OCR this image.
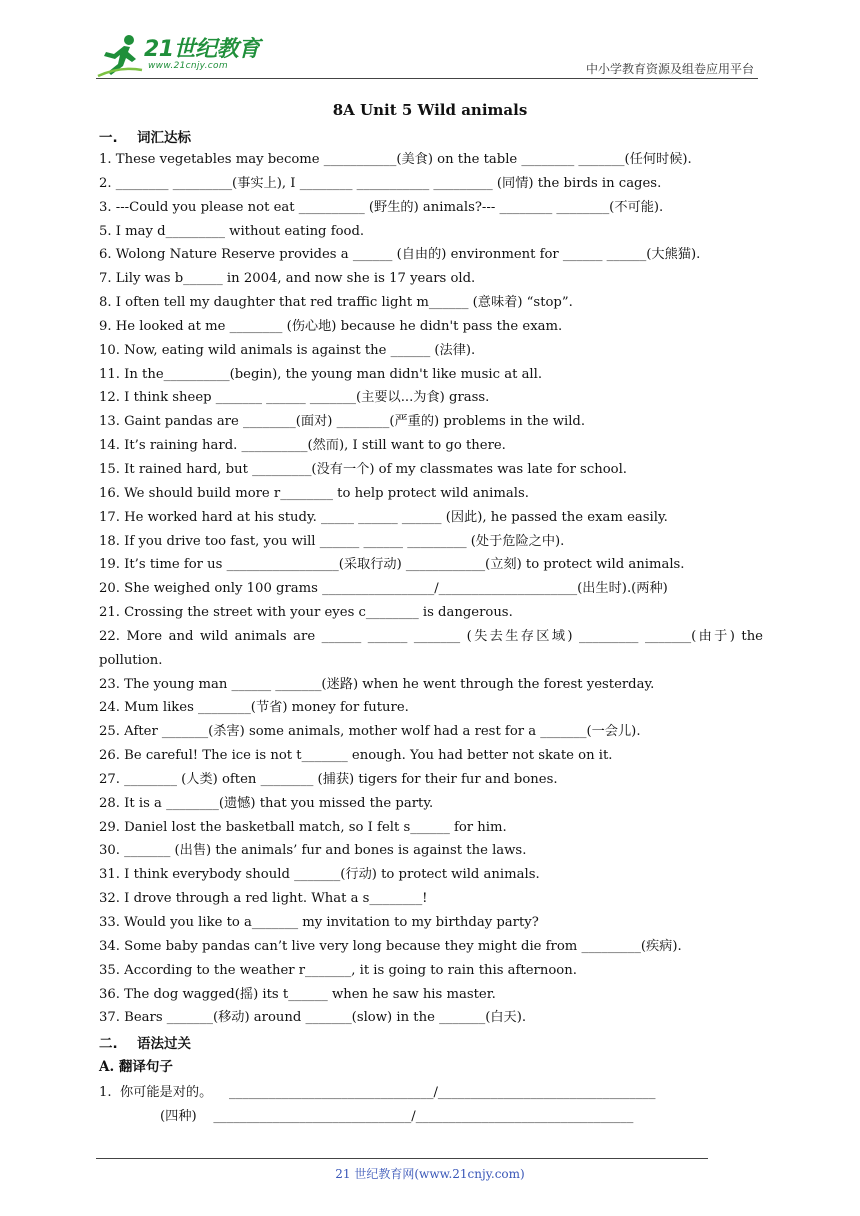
21世纪教育
www.21cnjy.com	中小学教育资源及组卷应用平台
8A Unit 5 Wild animals
一. 词汇达标
1. These vegetables may become ___________(美食) on the table ________ _______(任何时候).
2. ________ _________(事实上), I ________ ___________ _________ (同情) the birds in cages.
3. ---Could you please not eat __________ (野生的) animals?--- ________ ________(不可能).
5. I may d_________ without eating food.
6. Wolong Nature Reserve provides a ______ (自由的) environment for ______ ______(大熊猫).
7. Lily was b______ in 2004, and now she is 17 years old.
8. I often tell my daughter that red traffic light m______ (意味着) “stop”.
9. He looked at me ________ (伤心地) because he didn't pass the exam.
10. Now, eating wild animals is against the ______ (法律).
11. In the__________(begin), the young man didn't like music at all.
12. I think sheep _______ ______ _______(主要以...为食) grass.
13. Gaint pandas are ________(面对) ________(严重的) problems in the wild.
14. It’s raining hard. __________(然而), I still want to go there.
15. It rained hard, but _________(没有一个) of my classmates was late for school.
16. We should build more r________ to help protect wild animals.
17. He worked hard at his study. _____ ______ ______ (因此), he passed the exam easily.
18. If you drive too fast, you will ______ ______ _________ (处于危险之中).
19. It’s time for us _________________(采取行动) ____________(立刻) to protect wild animals.
20. She weighed only 100 grams _________________/_____________________(出生时).(两种)
21. Crossing the street with your eyes c________ is dangerous.
22. More and wild animals are ______ ______ _______ (失去生存区域) _________ _______(由于) the pollution.
23. The young man ______ _______(迷路) when he went through the forest yesterday.
24. Mum likes ________(节省) money for future.
25. After _______(杀害) some animals, mother wolf had a rest for a _______(一会儿).
26. Be careful! The ice is not t_______ enough. You had better not skate on it.
27. ________ (人类) often ________ (捕获) tigers for their fur and bones.
28. It is a ________(遗憾) that you missed the party.
29. Daniel lost the basketball match, so I felt s______ for him.
30. _______ (出售) the animals’ fur and bones is against the laws.
31. I think everybody should _______(行动) to protect wild animals.
32. I drove through a red light. What a s________!
33. Would you like to a_______ my invitation to my birthday party?
34. Some baby pandas can’t live very long because they might die from _________(疾病).
35. According to the weather r_______, it is going to rain this afternoon.
36. The dog wagged(摇) its t______ when he saw his master.
37. Bears _______(移动) around _______(slow) in the _______(白天).
二. 语法过关
A. 翻译句子
1.  你可能是对的。    _______________________________/_________________________________
(四种)    ______________________________/_________________________________
21 世纪教育网(www.21cnjy.com)
